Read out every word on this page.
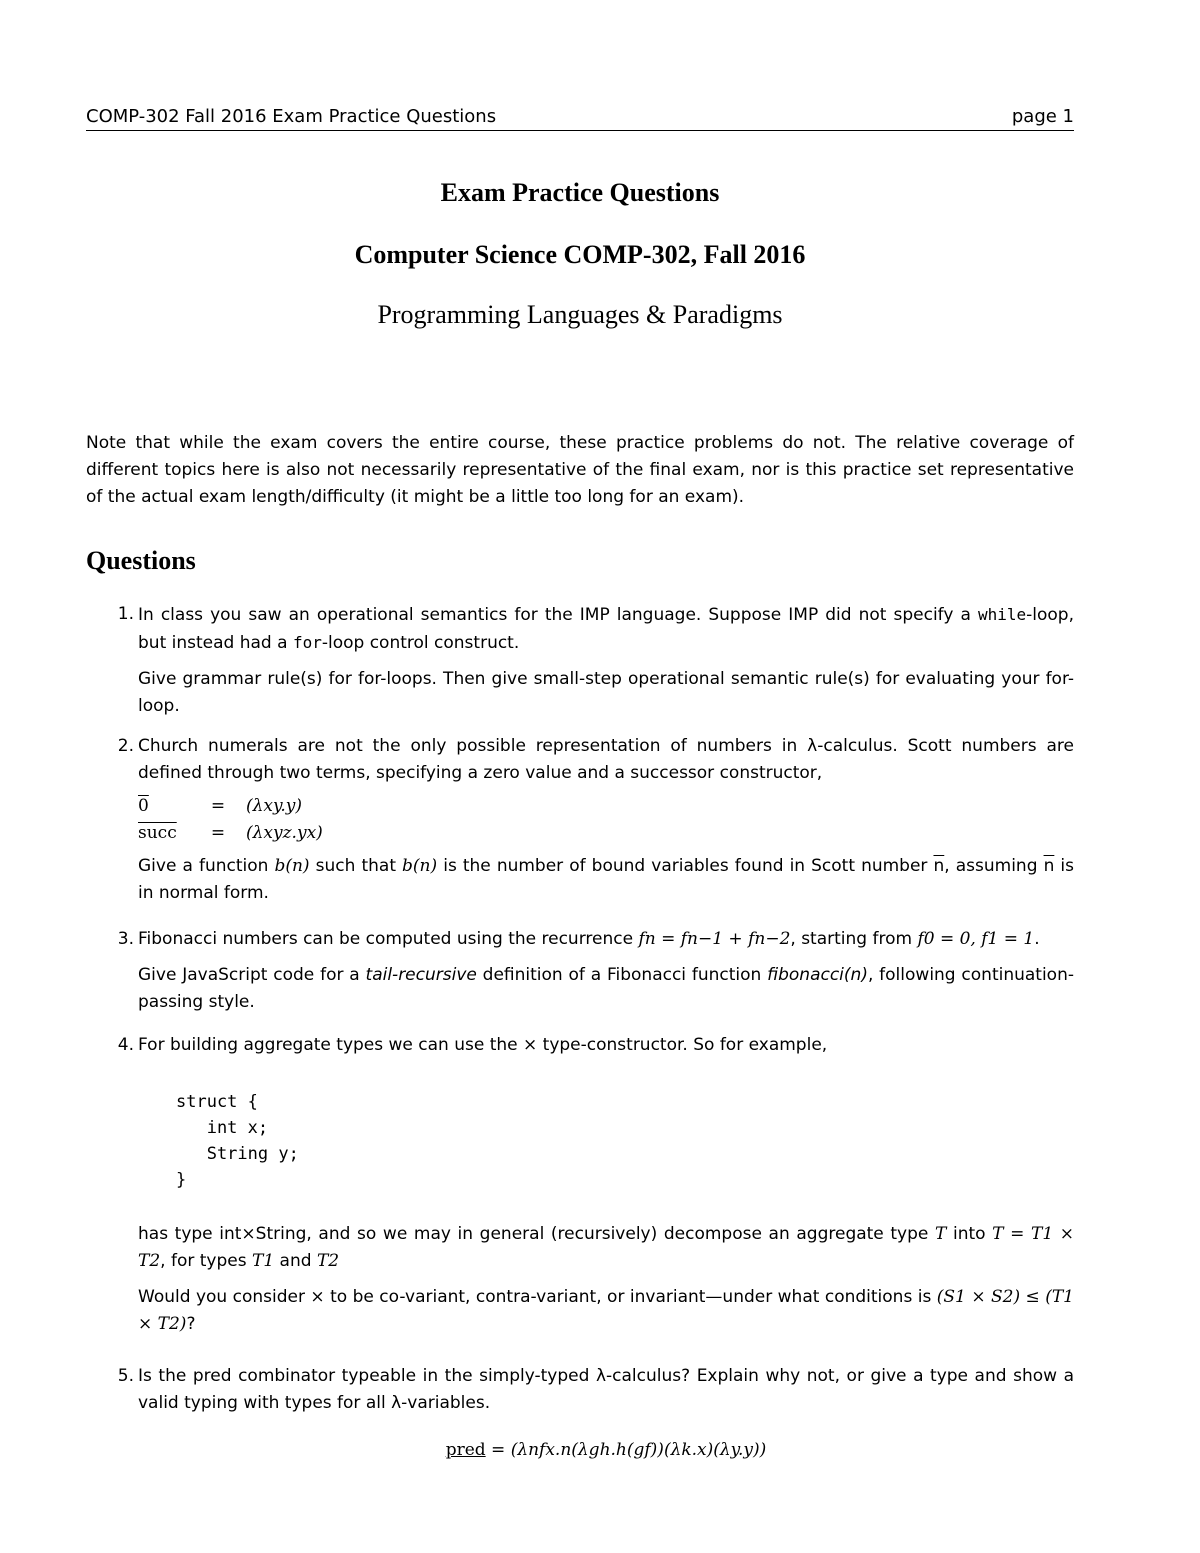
COMP-302 Fall 2016 Exam Practice Questions	page 1
Exam Practice Questions
Computer Science COMP-302, Fall 2016
Programming Languages & Paradigms
Note that while the exam covers the entire course, these practice problems do not. The relative coverage of different topics here is also not necessarily representative of the final exam, nor is this practice set representative of the actual exam length/difficulty (it might be a little too long for an exam).
Questions
1. In class you saw an operational semantics for the IMP language. Suppose IMP did not specify a while-loop, but instead had a for-loop control construct.

Give grammar rule(s) for for-loops. Then give small-step operational semantic rule(s) for evaluating your for-loop.

2. Church numerals are not the only possible representation of numbers in λ-calculus. Scott numbers are defined through two terms, specifying a zero value and a successor constructor,

0	=	(λxy.y)
succ	=	(λxyz.yx)

Give a function b(n) such that b(n) is the number of bound variables found in Scott number $\overline{n}$, assuming $\overline{n}$ is in normal form.

3. Fibonacci numbers can be computed using the recurrence fn = fn−1 + fn−2, starting from f0 = 0, f1 = 1.

Give JavaScript code for a tail-recursive definition of a Fibonacci function fibonacci(n), following continuation-passing style.

4. For building aggregate types we can use the × type-constructor. So for example,

struct {
int x;
String y;
}

has type int×String, and so we may in general (recursively) decompose an aggregate type T into T = T1 × T2, for types T1 and T2

Would you consider × to be co-variant, contra-variant, or invariant—under what conditions is (S1 × S2) ≤ (T1 × T2)?

5. Is the pred combinator typeable in the simply-typed λ-calculus? Explain why not, or give a type and show a valid typing with types for all λ-variables.

pred = (λnfx.n(λgh.h(gf))(λk.x)(λy.y))
